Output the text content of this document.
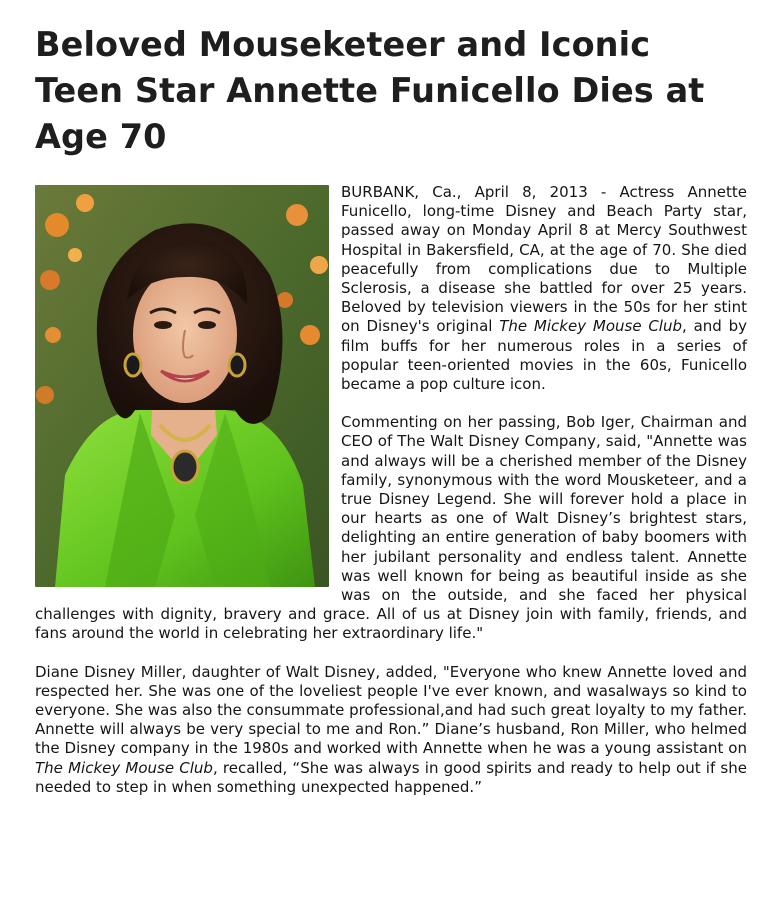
Beloved Mouseketeer and Iconic Teen Star Annette Funicello Dies at Age 70

BURBANK, Ca., April 8, 2013 - Actress Annette Funicello, long-time Disney and Beach Party star, passed away on Monday April 8 at Mercy Southwest Hospital in Bakersfield, CA, at the age of 70. She died peacefully from complications due to Multiple Sclerosis, a disease she battled for over 25 years. Beloved by television viewers in the 50s for her stint on Disney's original The Mickey Mouse Club, and by film buffs for her numerous roles in a series of popular teen-oriented movies in the 60s, Funicello became a pop culture icon.

Commenting on her passing, Bob Iger, Chairman and CEO of The Walt Disney Company, said, "Annette was and always will be a cherished member of the Disney family, synonymous with the word Mousketeer, and a true Disney Legend. She will forever hold a place in our hearts as one of Walt Disney’s brightest stars, delighting an entire generation of baby boomers with her jubilant personality and endless talent. Annette was well known for being as beautiful inside as she was on the outside, and she faced her physical challenges with dignity, bravery and grace. All of us at Disney join with family, friends, and fans around the world in celebrating her extraordinary life."

Diane Disney Miller, daughter of Walt Disney, added, "Everyone who knew Annette loved and respected her. She was one of the loveliest people I've ever known, and wasalways so kind to everyone. She was also the consummate professional,and had such great loyalty to my father. Annette will always be very special to me and Ron.” Diane’s husband, Ron Miller, who helmed the Disney company in the 1980s and worked with Annette when he was a young assistant on The Mickey Mouse Club, recalled, “She was always in good spirits and ready to help out if she needed to step in when something unexpected happened.”
